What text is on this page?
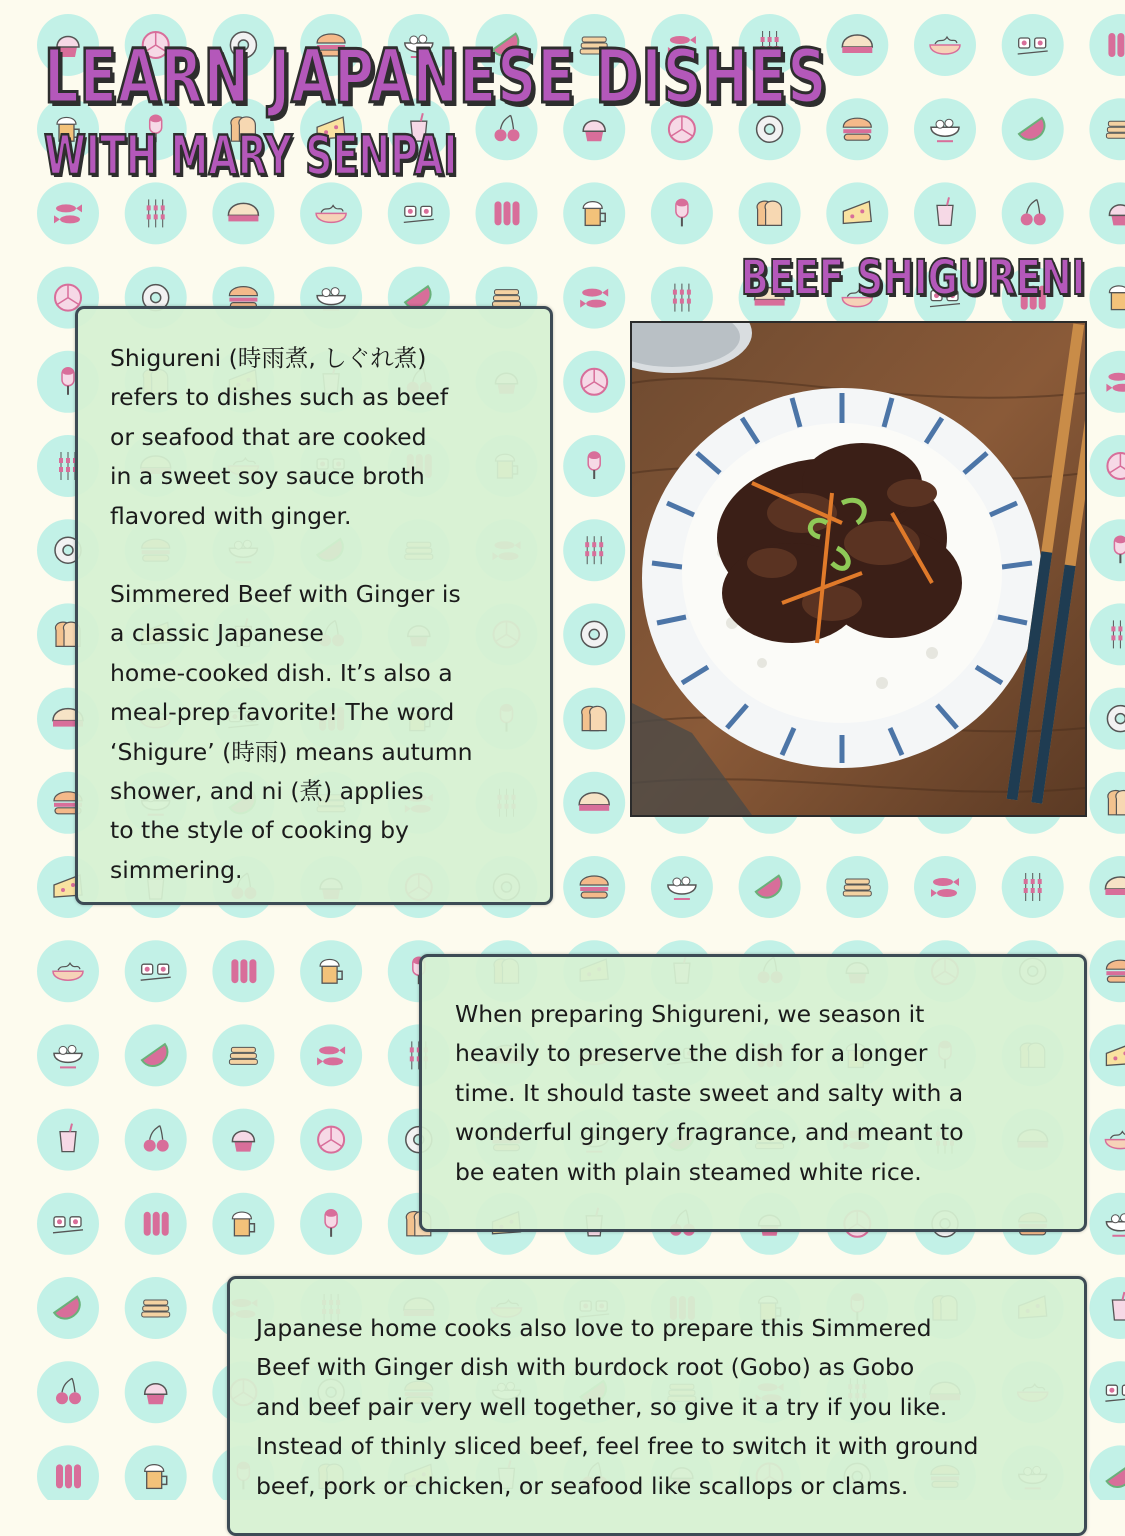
LEARN JAPANESE DISHES
WITH MARY SENPAI
BEEF SHIGURENI

Shigureni (時雨煮, しぐれ煮)
refers to dishes such as beef
or seafood that are cooked
in a sweet soy sauce broth
flavored with ginger.

Simmered Beef with Ginger is
a classic Japanese
home-cooked dish. It’s also a
meal-prep favorite! The word
‘Shigure’ (時雨) means autumn
shower, and ni (煮) applies
to the style of cooking by
simmering.

When preparing Shigureni, we season it
heavily to preserve the dish for a longer
time. It should taste sweet and salty with a
wonderful gingery fragrance, and meant to
be eaten with plain steamed white rice.

Japanese home cooks also love to prepare this Simmered
Beef with Ginger dish with burdock root (Gobo) as Gobo
and beef pair very well together, so give it a try if you like.
Instead of thinly sliced beef, feel free to switch it with ground
beef, pork or chicken, or seafood like scallops or clams.
